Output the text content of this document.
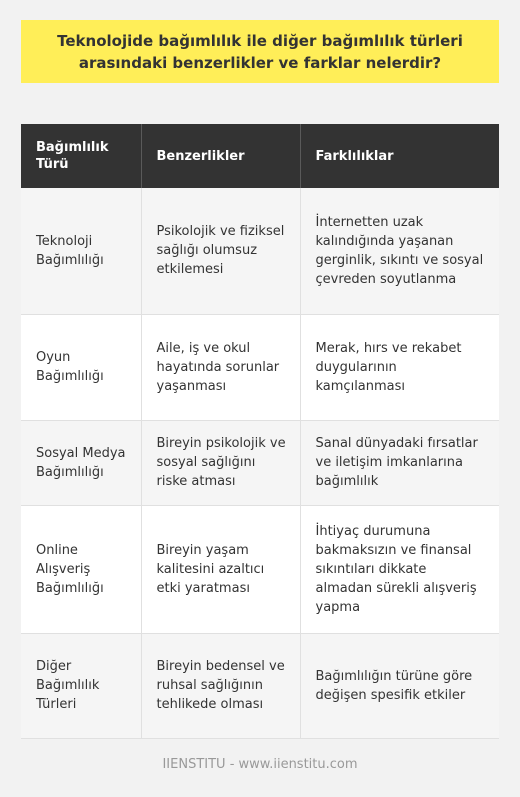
Teknolojide bağımlılık ile diğer bağımlılık türleri arasındaki benzerlikler ve farklar nelerdir?
Bağımlılık Türü	Benzerlikler	Farklılıklar
Teknoloji Bağımlılığı	Psikolojik ve fiziksel sağlığı olumsuz etkilemesi	İnternetten uzak kalındığında yaşanan gerginlik, sıkıntı ve sosyal çevreden soyutlanma
Oyun Bağımlılığı	Aile, iş ve okul hayatında sorunlar yaşanması	Merak, hırs ve rekabet duygularının kamçılanması
Sosyal Medya Bağımlılığı	Bireyin psikolojik ve sosyal sağlığını riske atması	Sanal dünyadaki fırsatlar ve iletişim imkanlarına bağımlılık
Online Alışveriş Bağımlılığı	Bireyin yaşam kalitesini azaltıcı etki yaratması	İhtiyaç durumuna bakmaksızın ve finansal sıkıntıları dikkate almadan sürekli alışveriş yapma
Diğer Bağımlılık Türleri	Bireyin bedensel ve ruhsal sağlığının tehlikede olması	Bağımlılığın türüne göre değişen spesifik etkiler
IIENSTITU - www.iienstitu.com
